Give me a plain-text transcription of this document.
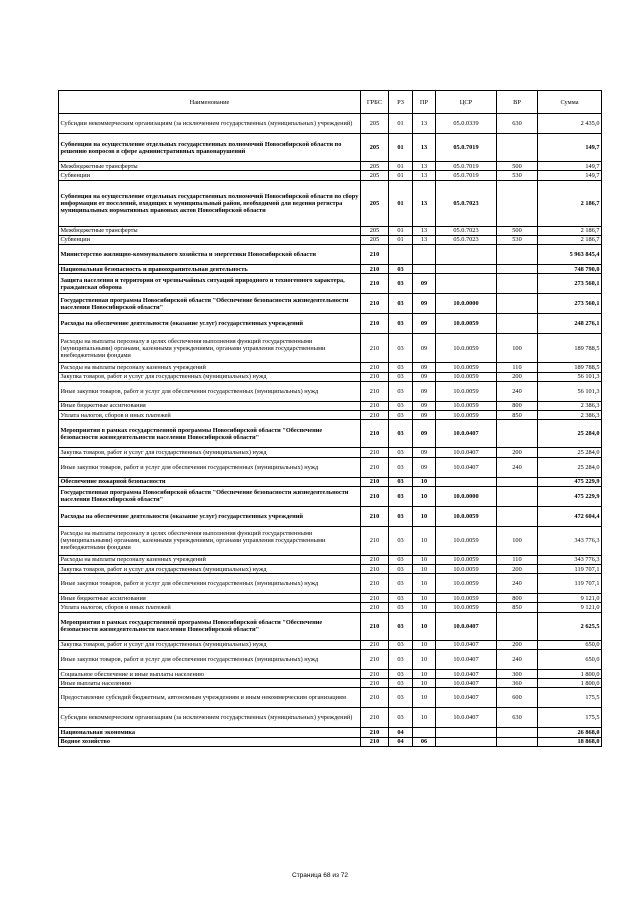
Наименование	ГРБС	РЗ	ПР	ЦСР	ВР	Сумма
Субсидии некоммерческим организациям (за исключением государственных (муниципальных) учреждений)	205	01	13	05.0.0339	630	2 435,0
Субвенции на осуществление отдельных государственных полномочий Новосибирской области по решению вопросов в сфере административных правонарушений	205	01	13	05.0.7019		149,7
Межбюджетные трансферты	205	01	13	05.0.7019	500	149,7
Субвенции	205	01	13	05.0.7019	530	149,7
Субвенция на осуществление отдельных государственных полномочий Новосибирской области по сбору информации от поселений, входящих в муниципальный район, необходимой для ведения регистра муниципальных нормативных правовых актов Новосибирской области	205	01	13	05.0.7023		2 186,7
Межбюджетные трансферты	205	01	13	05.0.7023	500	2 186,7
Субвенции	205	01	13	05.0.7023	530	2 186,7
Министерство жилищно-коммунального хозяйства и энергетики Новосибирской области	210					5 963 845,4
Национальная безопасность и правоохранительная деятельность	210	03				748 790,0
Защита населения и территории от чрезвычайных ситуаций природного и техногенного характера, гражданская оборона	210	03	09			273 560,1
Государственная программа Новосибирской области "Обеспечение безопасности жизнедеятельности населения Новосибирской области"	210	03	09	10.0.0000		273 560,1
Расходы на обеспечение деятельности (оказание услуг) государственных учреждений	210	03	09	10.0.0059		248 276,1
Расходы на выплаты персоналу в целях обеспечения выполнения функций государственными (муниципальными) органами, казенными учреждениями, органами управления государственными внебюджетными фондами	210	03	09	10.0.0059	100	189 788,5
Расходы на выплаты персоналу казенных учреждений	210	03	09	10.0.0059	110	189 788,5
Закупка товаров, работ и услуг для государственных (муниципальных) нужд	210	03	09	10.0.0059	200	56 101,3
Иные закупки товаров, работ и услуг для обеспечения государственных (муниципальных) нужд	210	03	09	10.0.0059	240	56 101,3
Иные бюджетные ассигнования	210	03	09	10.0.0059	800	2 386,3
Уплата налогов, сборов и иных платежей	210	03	09	10.0.0059	850	2 386,3
Мероприятия в рамках государственной программы Новосибирской области "Обеспечение безопасности жизнедеятельности населения Новосибирской области"	210	03	09	10.0.0407		25 284,0
Закупка товаров, работ и услуг для государственных (муниципальных) нужд	210	03	09	10.0.0407	200	25 284,0
Иные закупки товаров, работ и услуг для обеспечения государственных (муниципальных) нужд	210	03	09	10.0.0407	240	25 284,0
Обеспечение пожарной безопасности	210	03	10			475 229,9
Государственная программа Новосибирской области "Обеспечение безопасности жизнедеятельности населения Новосибирской области"	210	03	10	10.0.0000		475 229,9
Расходы на обеспечение деятельности (оказание услуг) государственных учреждений	210	03	10	10.0.0059		472 604,4
Расходы на выплаты персоналу в целях обеспечения выполнения функций государственными (муниципальными) органами, казенными учреждениями, органами управления государственными внебюджетными фондами	210	03	10	10.0.0059	100	343 776,3
Расходы на выплаты персоналу казенных учреждений	210	03	10	10.0.0059	110	343 776,3
Закупка товаров, работ и услуг для государственных (муниципальных) нужд	210	03	10	10.0.0059	200	119 707,1
Иные закупки товаров, работ и услуг для обеспечения государственных (муниципальных) нужд	210	03	10	10.0.0059	240	119 707,1
Иные бюджетные ассигнования	210	03	10	10.0.0059	800	9 121,0
Уплата налогов, сборов и иных платежей	210	03	10	10.0.0059	850	9 121,0
Мероприятия в рамках государственной программы Новосибирской области "Обеспечение безопасности жизнедеятельности населения Новосибирской области"	210	03	10	10.0.0407		2 625,5
Закупка товаров, работ и услуг для государственных (муниципальных) нужд	210	03	10	10.0.0407	200	650,0
Иные закупки товаров, работ и услуг для обеспечения государственных (муниципальных) нужд	210	03	10	10.0.0407	240	650,0
Социальное обеспечение и иные выплаты населению	210	03	10	10.0.0407	300	1 800,0
Иные выплаты населению	210	03	10	10.0.0407	360	1 800,0
Предоставление субсидий бюджетным, автономным учреждениям и иным некоммерческим организациям	210	03	10	10.0.0407	600	175,5
Субсидии некоммерческим организациям (за исключением государственных (муниципальных) учреждений)	210	03	10	10.0.0407	630	175,5
Национальная экономика	210	04				26 868,0
Водное хозяйство	210	04	06			18 868,0
Страница 68 из 72
